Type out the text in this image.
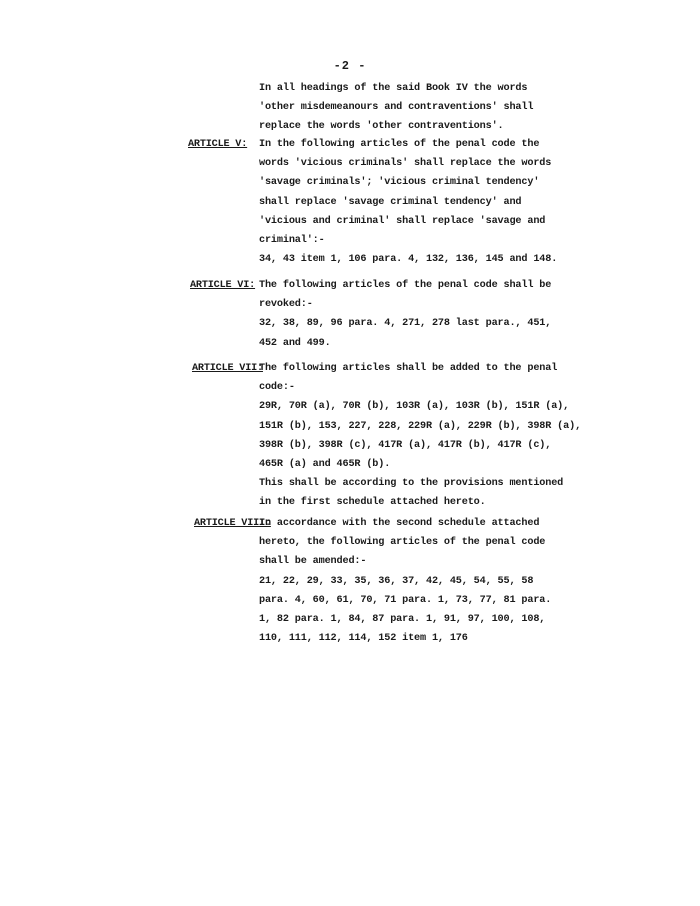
-2 -
In all headings of the said Book IV the words
'other misdemeanours and contraventions' shall
replace the words 'other contraventions'.
ARTICLE V: In the following articles of the penal code the
words 'vicious criminals' shall replace the words
'savage criminals'; 'vicious criminal tendency'
shall replace 'savage criminal tendency' and
'vicious and criminal' shall replace 'savage and
criminal':-
34, 43 item 1, 106 para. 4, 132, 136, 145 and 148.
ARTICLE VI: The following articles of the penal code shall be
revoked:-
32, 38, 89, 96 para. 4, 271, 278 last para., 451,
452 and 499.
ARTICLE VII:
The following articles shall be added to the penal
code:-
29R, 70R (a), 70R (b), 103R (a), 103R (b), 151R (a),
151R (b), 153, 227, 228, 229R (a), 229R (b), 398R (a),
398R (b), 398R (c), 417R (a), 417R (b), 417R (c),
465R (a) and 465R (b).
This shall be according to the provisions mentioned
in the first schedule attached hereto.
ARTICLE VIII:
In accordance with the second schedule attached
hereto, the following articles of the penal code
shall be amended:-
21, 22, 29, 33, 35, 36, 37, 42, 45, 54, 55, 58
para. 4, 60, 61, 70, 71 para. 1, 73, 77, 81 para.
1, 82 para. 1, 84, 87 para. 1, 91, 97, 100, 108,
110, 111, 112, 114, 152 item 1, 176
